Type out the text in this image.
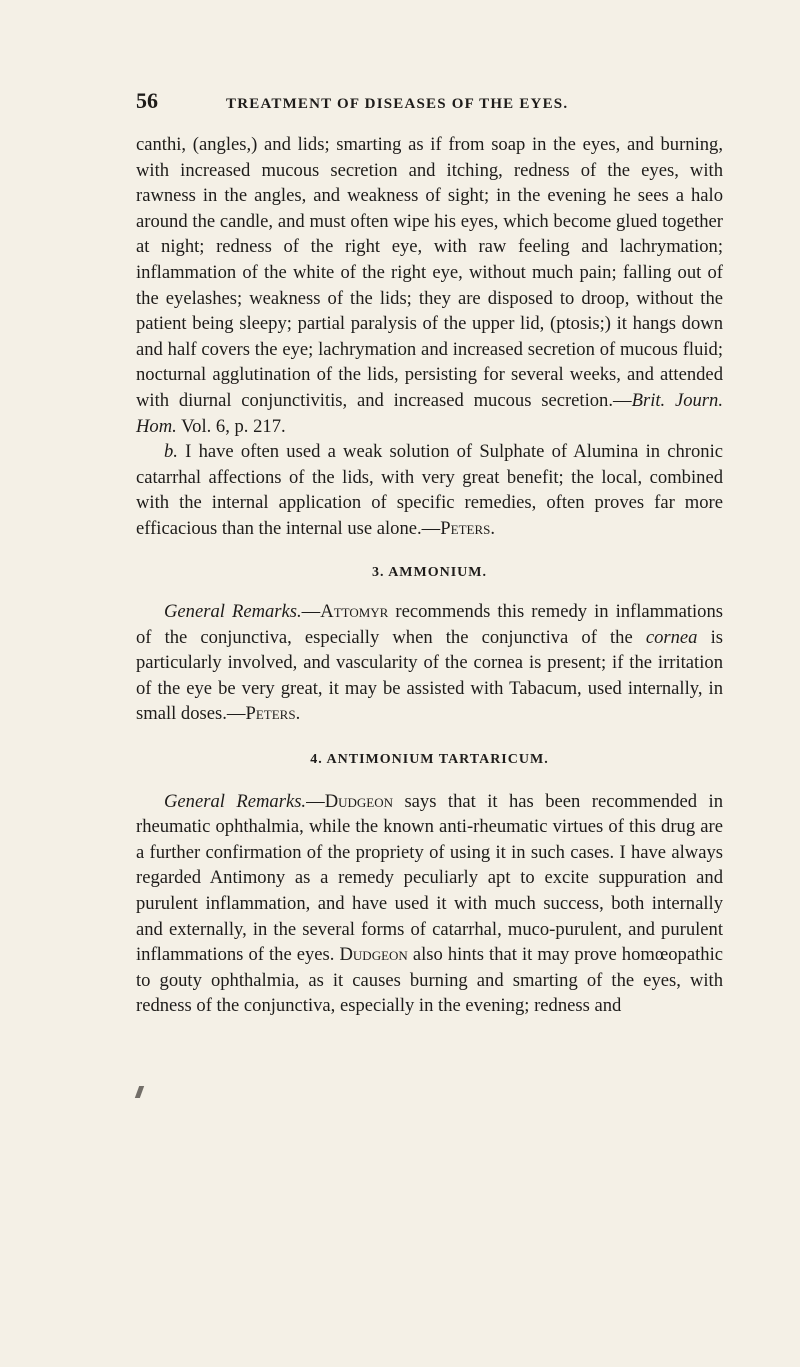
56	TREATMENT OF DISEASES OF THE EYES.

canthi, (angles,) and lids; smarting as if from soap in the eyes, and burning, with increased mucous secretion and itching, redness of the eyes, with rawness in the angles, and weakness of sight; in the evening he sees a halo around the candle, and must often wipe his eyes, which become glued together at night; redness of the right eye, with raw feeling and lachrymation; inflammation of the white of the right eye, without much pain; falling out of the eyelashes; weakness of the lids; they are disposed to droop, without the patient being sleepy; partial paralysis of the upper lid, (ptosis;) it hangs down and half covers the eye; lachrymation and increased secretion of mucous fluid; nocturnal agglutination of the lids, persisting for several weeks, and attended with diurnal conjunctivitis, and increased mucous secretion.—Brit. Journ. Hom. Vol. 6, p. 217.

b. I have often used a weak solution of Sulphate of Alumina in chronic catarrhal affections of the lids, with very great benefit; the local, combined with the internal application of specific remedies, often proves far more efficacious than the internal use alone.—Peters.

3. AMMONIUM.

General Remarks.—Attomyr recommends this remedy in inflammations of the conjunctiva, especially when the conjunctiva of the cornea is particularly involved, and vascularity of the cornea is present; if the irritation of the eye be very great, it may be assisted with Tabacum, used internally, in small doses.—Peters.

4. ANTIMONIUM TARTARICUM.

General Remarks.—Dudgeon says that it has been recommended in rheumatic ophthalmia, while the known anti-rheumatic virtues of this drug are a further confirmation of the propriety of using it in such cases. I have always regarded Antimony as a remedy peculiarly apt to excite suppuration and purulent inflammation, and have used it with much success, both internally and externally, in the several forms of catarrhal, muco-purulent, and purulent inflammations of the eyes. Dudgeon also hints that it may prove homœopathic to gouty ophthalmia, as it causes burning and smarting of the eyes, with redness of the conjunctiva, especially in the evening; redness and
